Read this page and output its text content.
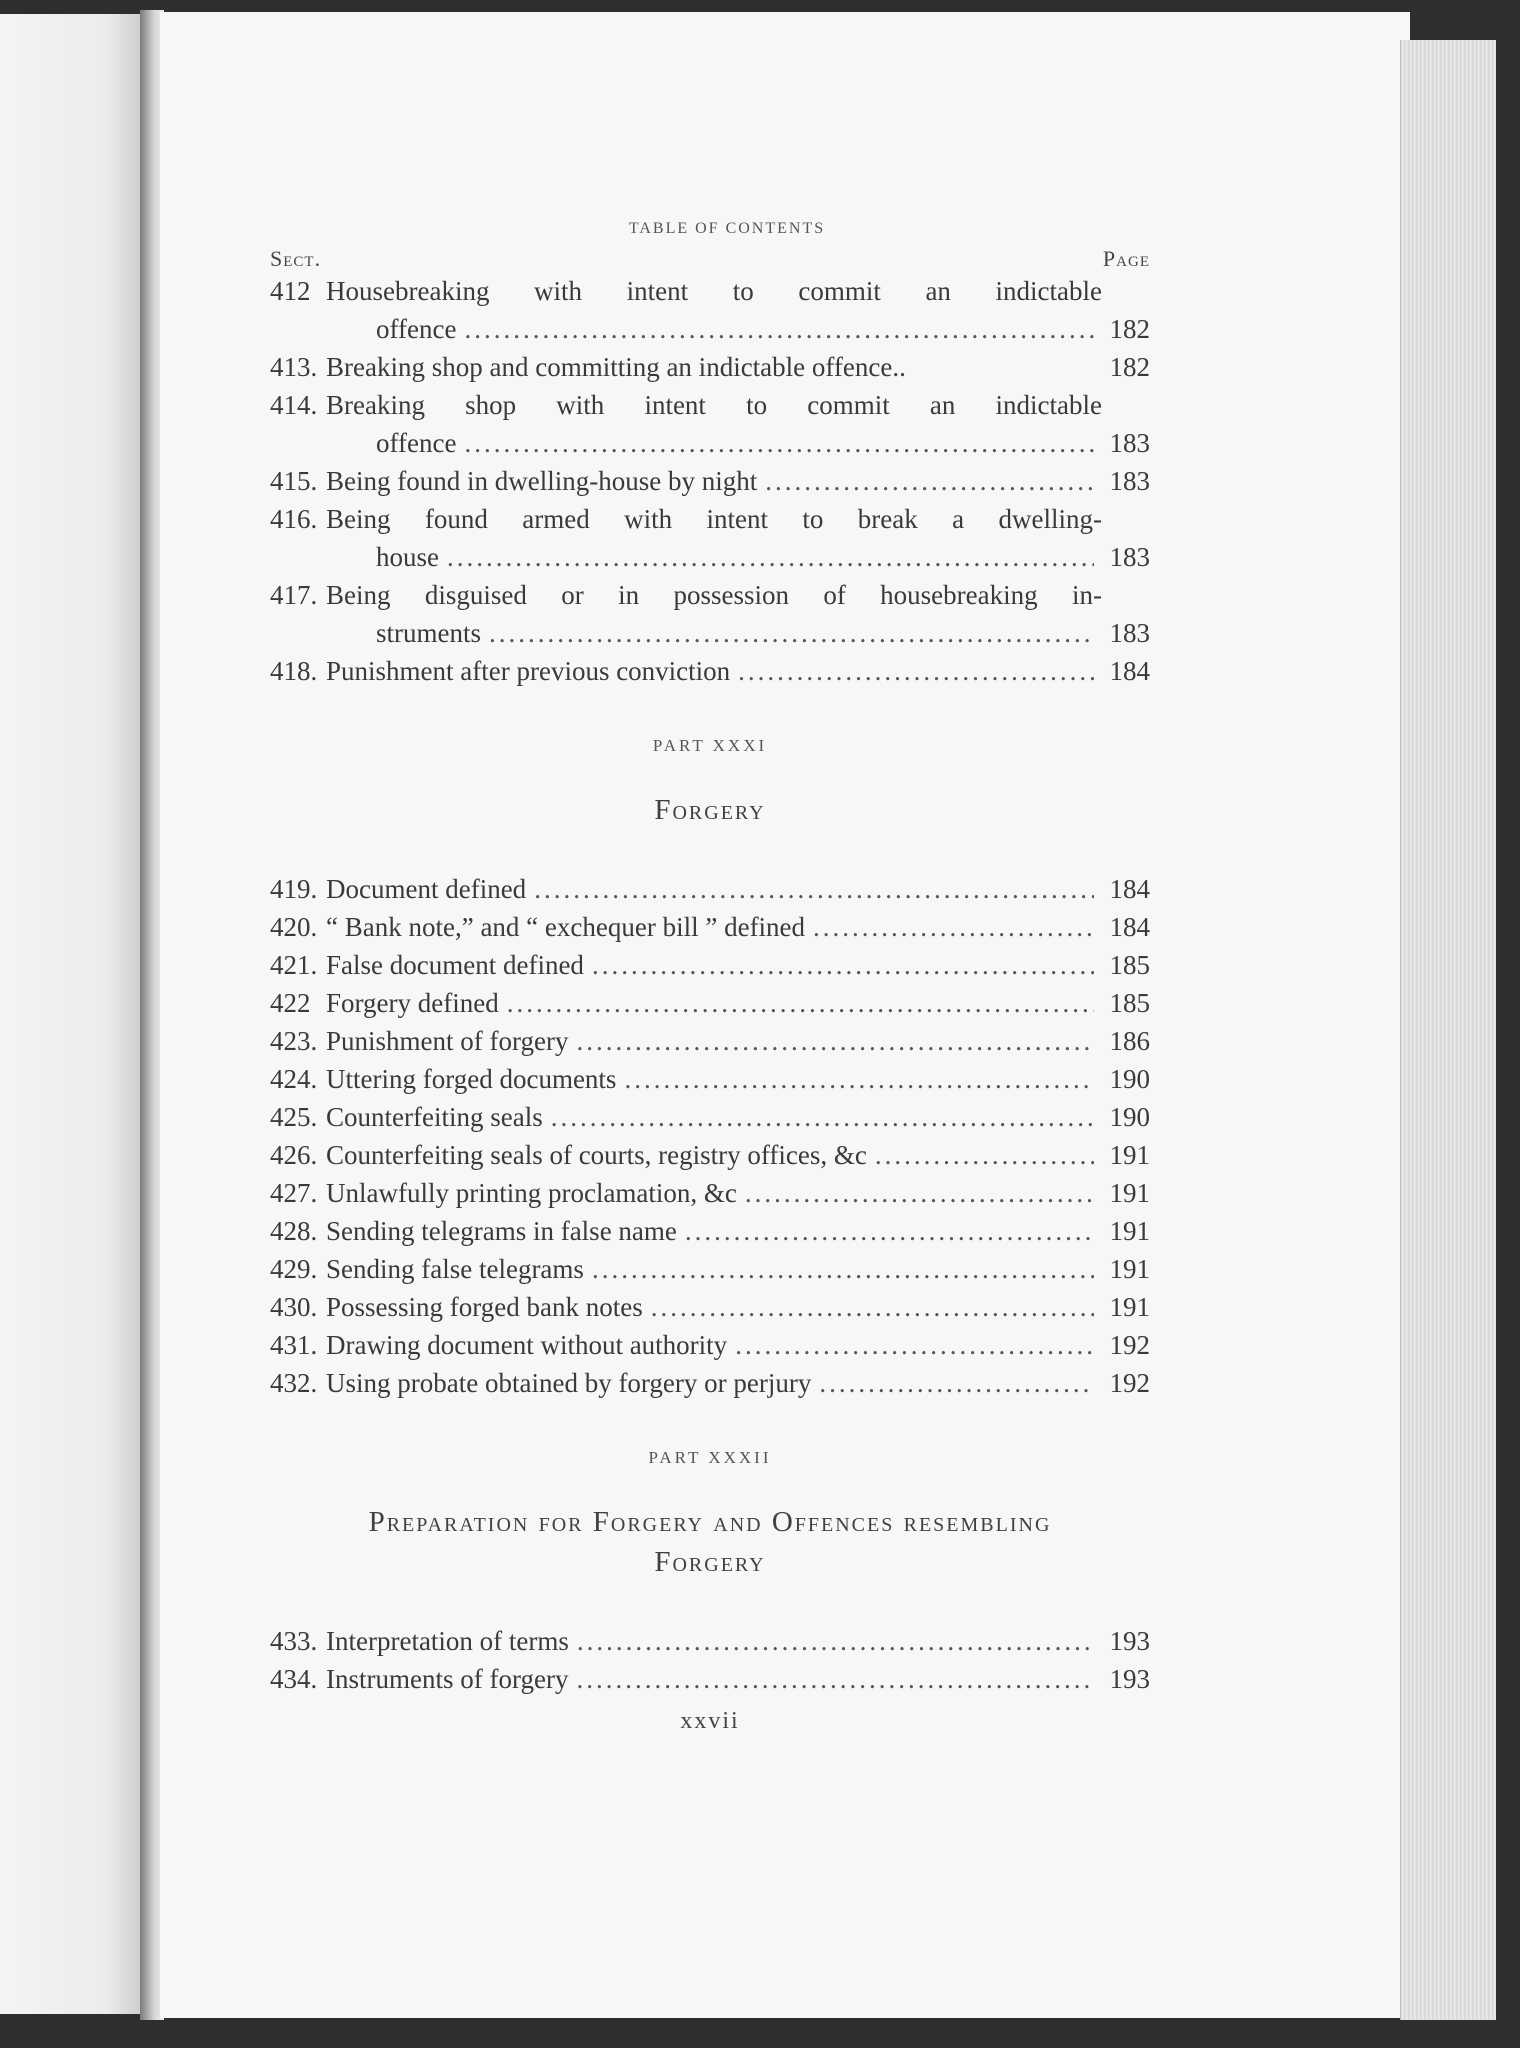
TABLE OF CONTENTS
Sect.	Page
412 Housebreaking with intent to commit an indictable
offence .....	182
413. Breaking shop and committing an indictable offence..	182
414. Breaking shop with intent to commit an indictable
offence .....	183
415. Being found in dwelling-house by night .....	183
416. Being found armed with intent to break a dwelling-
house .....	183
417. Being disguised or in possession of housebreaking in-
struments .....	183
418. Punishment after previous conviction .....	184
PART XXXI
Forgery
419. Document defined .....	184
420. “ Bank note,” and “ exchequer bill ” defined .....	184
421. False document defined .....	185
422 Forgery defined .....	185
423. Punishment of forgery .....	186
424. Uttering forged documents .....	190
425. Counterfeiting seals .....	190
426. Counterfeiting seals of courts, registry offices, &c .....	191
427. Unlawfully printing proclamation, &c .....	191
428. Sending telegrams in false name .....	191
429. Sending false telegrams .....	191
430. Possessing forged bank notes .....	191
431. Drawing document without authority .....	192
432. Using probate obtained by forgery or perjury .....	192
PART XXXII
Preparation for Forgery and Offences resembling Forgery
433. Interpretation of terms .....	193
434. Instruments of forgery .....	193
xxvii
